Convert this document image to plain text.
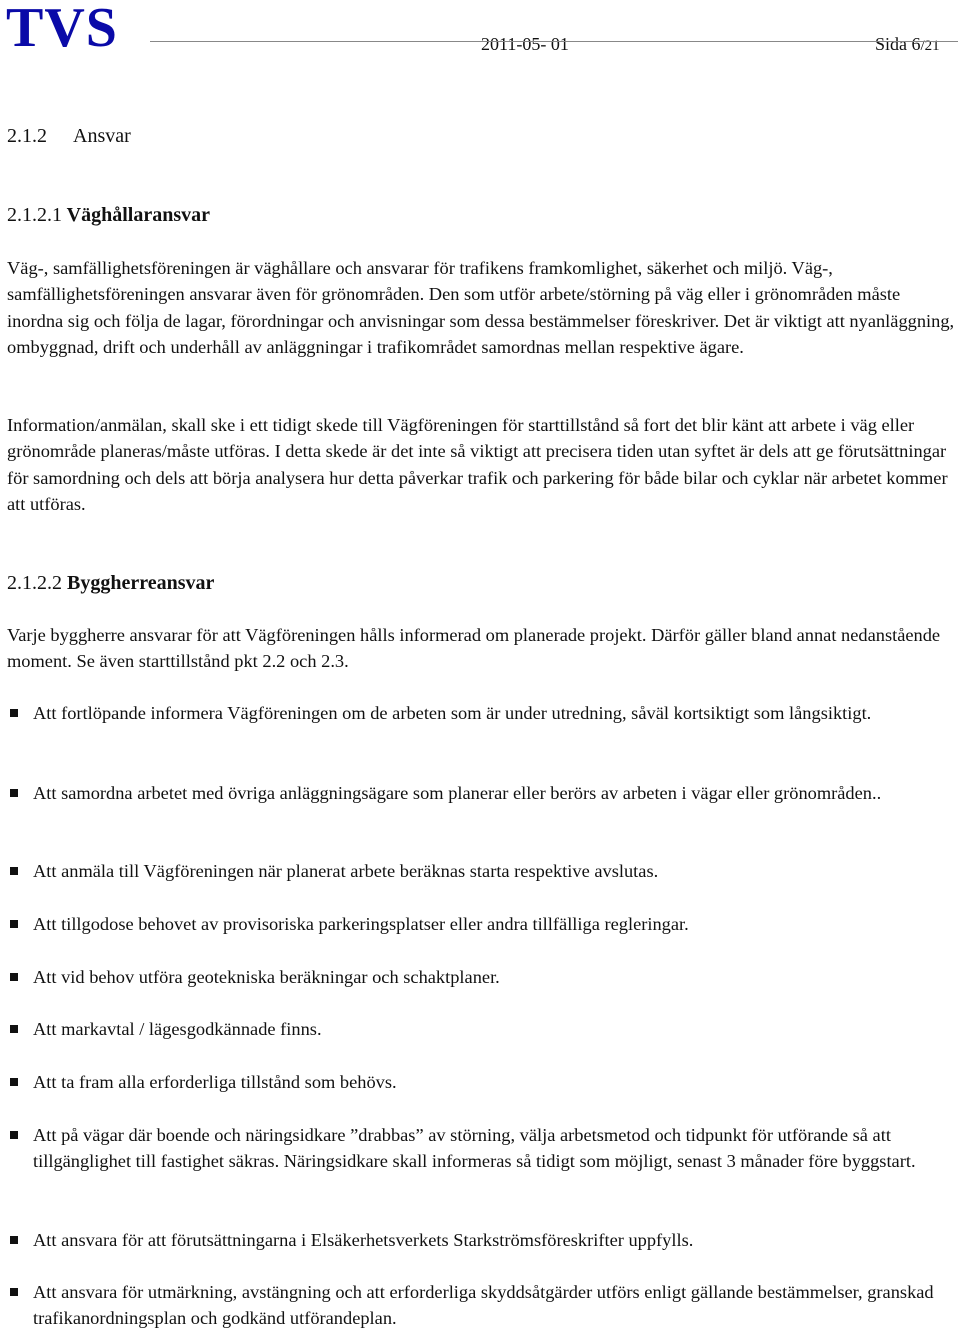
TVS	2011-05- 01	Sida 6/21
2.1.2 Ansvar
2.1.2.1 Väghållaransvar

Väg-, samfällighetsföreningen är väghållare och ansvarar för trafikens framkomlighet, säkerhet och miljö. Väg-, samfällighetsföreningen ansvarar även för grönområden. Den som utför arbete/störning på väg eller i grönområden måste inordna sig och följa de lagar, förordningar och anvisningar som dessa bestämmelser föreskriver. Det är viktigt att nyanläggning, ombyggnad, drift och underhåll av anläggningar i trafikområdet samordnas mellan respektive ägare.

Information/anmälan, skall ske i ett tidigt skede till Vägföreningen för starttillstånd så fort det blir känt att arbete i väg eller grönområde planeras/måste utföras. I detta skede är det inte så viktigt att precisera tiden utan syftet är dels att ge förutsättningar för samordning och dels att börja analysera hur detta påverkar trafik och parkering för både bilar och cyklar när arbetet kommer att utföras.

2.1.2.2 Byggherreansvar

Varje byggherre ansvarar för att Vägföreningen hålls informerad om planerade projekt. Därför gäller bland annat nedanstående moment. Se även starttillstånd pkt 2.2 och 2.3.

Att fortlöpande informera Vägföreningen om de arbeten som är under utredning, såväl kortsiktigt som långsiktigt.
Att samordna arbetet med övriga anläggningsägare som planerar eller berörs av arbeten i vägar eller grönområden..
Att anmäla till Vägföreningen när planerat arbete beräknas starta respektive avslutas.
Att tillgodose behovet av provisoriska parkeringsplatser eller andra tillfälliga regleringar.
Att vid behov utföra geotekniska beräkningar och schaktplaner.
Att markavtal / lägesgodkännade finns.
Att ta fram alla erforderliga tillstånd som behövs.
Att på vägar där boende och näringsidkare ”drabbas” av störning, välja arbetsmetod och tidpunkt för utförande så att tillgänglighet till fastighet säkras. Näringsidkare skall informeras så tidigt som möjligt, senast 3 månader före byggstart.
Att ansvara för att förutsättningarna i Elsäkerhetsverkets Starkströmsföreskrifter uppfylls.
Att ansvara för utmärkning, avstängning och att erforderliga skyddsåtgärder utförs enligt gällande bestämmelser, granskad trafikanordningsplan och godkänd utförandeplan.
